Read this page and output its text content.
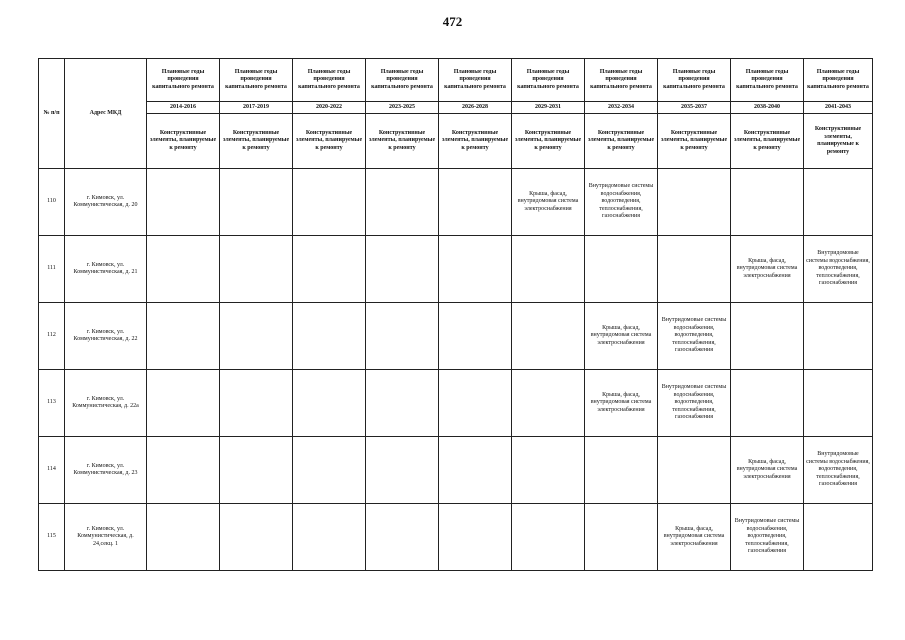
472
№ п/п	Адрес МКД	Плановые годы проведения капитального ремонта	Плановые годы проведения капитального ремонта	Плановые годы проведения капитального ремонта	Плановые годы проведения капитального ремонта	Плановые годы проведения капитального ремонта	Плановые годы проведения капитального ремонта	Плановые годы проведения капитального ремонта	Плановые годы проведения капитального ремонта	Плановые годы проведения капитального ремонта	Плановые годы проведения капитального ремонта
		2014-2016	2017-2019	2020-2022	2023-2025	2026-2028	2029-2031	2032-2034	2035-2037	2038-2040	2041-2043
		Конструктивные элементы, планируемые к ремонту	Конструктивные элементы, планируемые к ремонту	Конструктивные элементы, планируемые к ремонту	Конструктивные элементы, планируемые к ремонту	Конструктивные элементы, планируемые к ремонту	Конструктивные элементы, планируемые к ремонту	Конструктивные элементы, планируемые к ремонту	Конструктивные элементы, планируемые к ремонту	Конструктивные элементы, планируемые к ремонту	Конструктивные элементы, планируемые к ремонту
110	г. Кимовск, ул. Коммунистическая, д. 20						Крыша, фасад, внутридомовая система электроснабжения	Внутридомовые системы водоснабжения, водоотведения, теплоснабжения, газоснабжения			
111	г. Кимовск, ул. Коммунистическая, д. 21									Крыша, фасад, внутридомовая система электроснабжения	Внутридомовые системы водоснабжения, водоотведения, теплоснабжения, газоснабжения
112	г. Кимовск, ул. Коммунистическая, д. 22							Крыша, фасад, внутридомовая система электроснабжения	Внутридомовые системы водоснабжения, водоотведения, теплоснабжения, газоснабжения		
113	г. Кимовск, ул. Коммунистическая, д. 22а							Крыша, фасад, внутридомовая система электроснабжения	Внутридомовые системы водоснабжения, водоотведения, теплоснабжения, газоснабжения		
114	г. Кимовск, ул. Коммунистическая, д. 23									Крыша, фасад, внутридомовая система электроснабжения	Внутридомовые системы водоснабжения, водоотведения, теплоснабжения, газоснабжения
115	г. Кимовск, ул. Коммунистическая, д. 24,секц. 1								Крыша, фасад, внутридомовая система электроснабжения	Внутридомовые системы водоснабжения, водоотведения, теплоснабжения, газоснабжения	
